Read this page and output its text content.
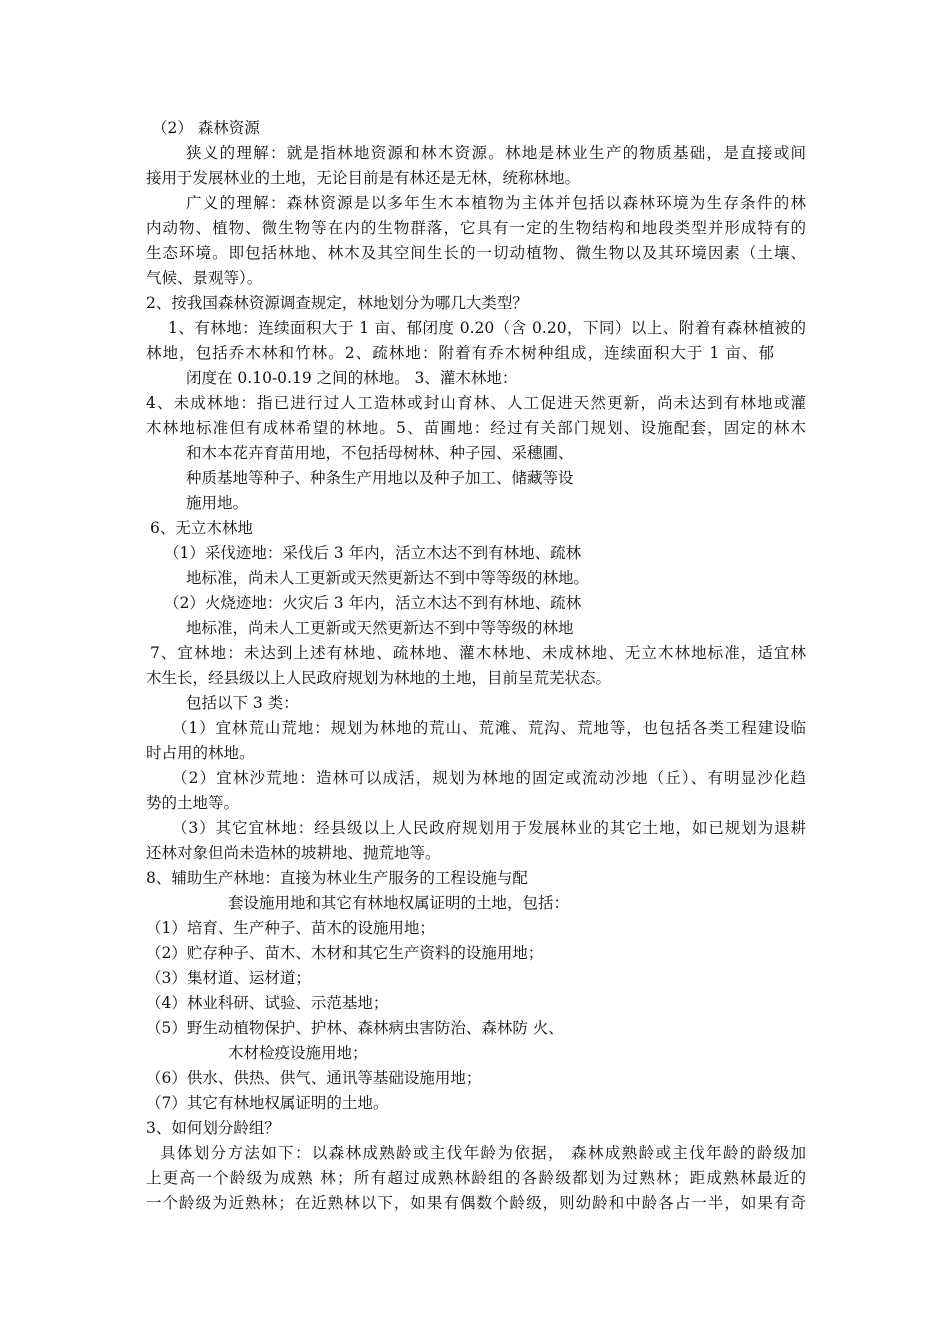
（2） 森林资源
狭义的理解：就是指林地资源和林木资源。林地是林业生产的物质基础，是直接或间
接用于发展林业的土地，无论目前是有林还是无林，统称林地。
广义的理解：森林资源是以多年生木本植物为主体并包括以森林环境为生存条件的林
内动物、植物、微生物等在内的生物群落，它具有一定的生物结构和地段类型并形成特有的
生态环境。即包括林地、林木及其空间生长的一切动植物、微生物以及其环境因素（土壤、
气候、景观等）。
2、按我国森林资源调查规定，林地划分为哪几大类型？
1、有林地：连续面积大于 1 亩、郁闭度 0.20（含 0.20，下同）以上、附着有森林植被的
林地，包括乔木林和竹林。2、疏林地：附着有乔木树种组成，连续面积大于 1 亩、郁
闭度在 0.10-0.19 之间的林地。 3、灌木林地：
4、未成林地：指已进行过人工造林或封山育林、人工促进天然更新，尚未达到有林地或灌
木林地标准但有成林希望的林地。5、苗圃地：经过有关部门规划、设施配套，固定的林木
和木本花卉育苗用地，不包括母树林、种子园、采穗圃、
种质基地等种子、种条生产用地以及种子加工、储藏等设
施用地。
6、无立木林地
（1）采伐迹地：采伐后 3 年内，活立木达不到有林地、疏林
地标准，尚未人工更新或天然更新达不到中等等级的林地。
（2）火烧迹地：火灾后 3 年内，活立木达不到有林地、疏林
地标准，尚未人工更新或天然更新达不到中等等级的林地
7、宜林地：未达到上述有林地、疏林地、灌木林地、未成林地、无立木林地标准，适宜林
木生长，经县级以上人民政府规划为林地的土地，目前呈荒芜状态。
包括以下 3 类：
（1）宜林荒山荒地：规划为林地的荒山、荒滩、荒沟、荒地等，也包括各类工程建设临
时占用的林地。
（2）宜林沙荒地：造林可以成活，规划为林地的固定或流动沙地（丘）、有明显沙化趋
势的土地等。
（3）其它宜林地：经县级以上人民政府规划用于发展林业的其它土地，如已规划为退耕
还林对象但尚未造林的坡耕地、抛荒地等。
8、辅助生产林地：直接为林业生产服务的工程设施与配
套设施用地和其它有林地权属证明的土地，包括：
（1）培育、生产种子、苗木的设施用地；
（2）贮存种子、苗木、木材和其它生产资料的设施用地；
（3）集材道、运材道；
（4）林业科研、试验、示范基地；
（5）野生动植物保护、护林、森林病虫害防治、森林防 火、
木材检疫设施用地；
（6）供水、供热、供气、通讯等基础设施用地；
（7）其它有林地权属证明的土地。
3、如何划分龄组？
具体划分方法如下：以森林成熟龄或主伐年龄为依据， 森林成熟龄或主伐年龄的龄级加
上更高一个龄级为成熟 林；所有超过成熟林龄组的各龄级都划为过熟林；距成熟林最近的
一个龄级为近熟林；在近熟林以下，如果有偶数个龄级，则幼龄和中龄各占一半，如果有奇
